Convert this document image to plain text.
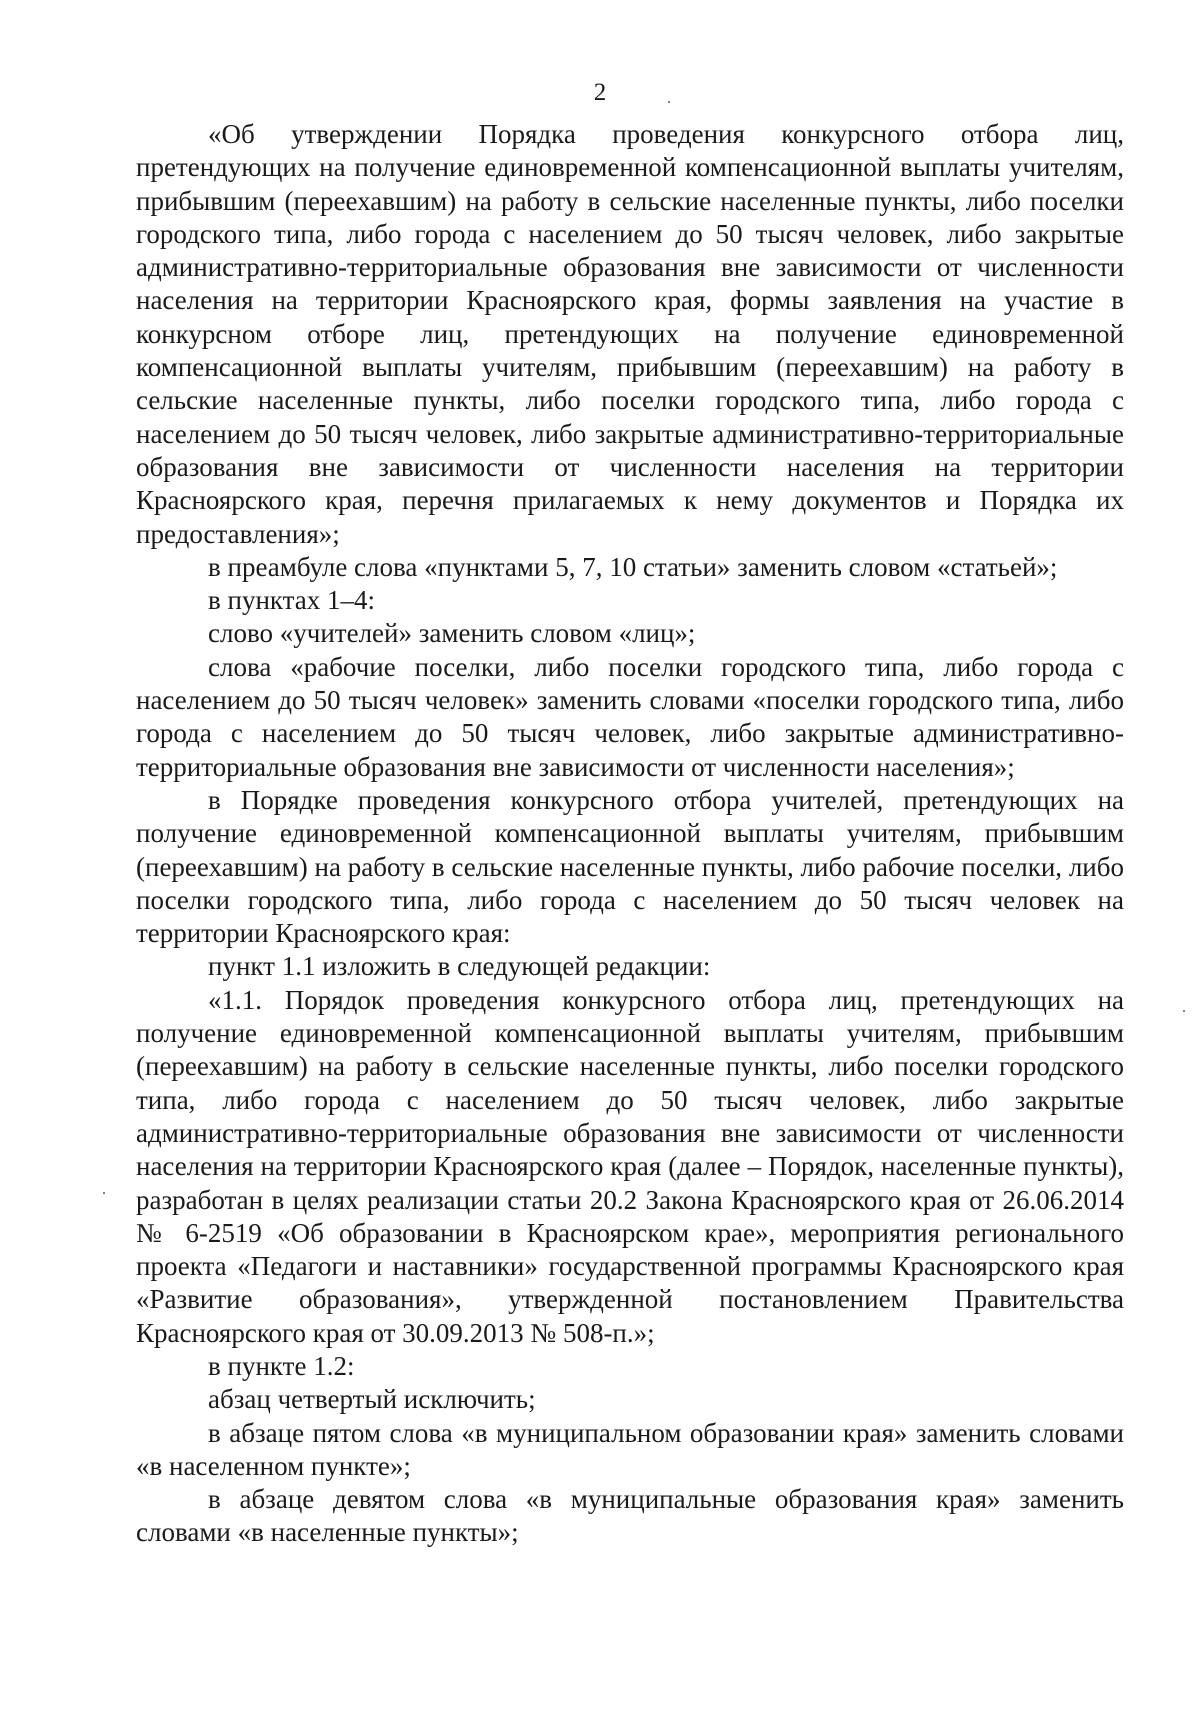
2

«Об утверждении Порядка проведения конкурсного отбора лиц, претендующих на получение единовременной компенсационной выплаты учителям, прибывшим (переехавшим) на работу в сельские населенные пункты, либо поселки городского типа, либо города с населением до 50 тысяч человек, либо закрытые административно-территориальные образования вне зависимости от численности населения на территории Красноярского края, формы заявления на участие в конкурсном отборе лиц, претендующих на получение единовременной компенсационной выплаты учителям, прибывшим (переехавшим) на работу в сельские населенные пункты, либо поселки городского типа, либо города с населением до 50 тысяч человек, либо закрытые административно-территориальные образования вне зависимости от численности населения на территории Красноярского края, перечня прилагаемых к нему документов и Порядка их предоставления»;

в преамбуле слова «пунктами 5, 7, 10 статьи» заменить словом «статьей»;

в пунктах 1–4:

слово «учителей» заменить словом «лиц»;

слова «рабочие поселки, либо поселки городского типа, либо города с населением до 50 тысяч человек» заменить словами «поселки городского типа, либо города с населением до 50 тысяч человек, либо закрытые административно-территориальные образования вне зависимости от численности населения»;

в Порядке проведения конкурсного отбора учителей, претендующих на получение единовременной компенсационной выплаты учителям, прибывшим (переехавшим) на работу в сельские населенные пункты, либо рабочие поселки, либо поселки городского типа, либо города с населением до 50 тысяч человек на территории Красноярского края:

пункт 1.1 изложить в следующей редакции:

«1.1. Порядок проведения конкурсного отбора лиц, претендующих на получение единовременной компенсационной выплаты учителям, прибывшим (переехавшим) на работу в сельские населенные пункты, либо поселки городского типа, либо города с населением до 50 тысяч человек, либо закрытые административно-территориальные образования вне зависимости от численности населения на территории Красноярского края (далее – Порядок, населенные пункты), разработан в целях реализации статьи 20.2 Закона Красноярского края от 26.06.2014 № 6-2519 «Об образовании в Красноярском крае», мероприятия регионального проекта «Педагоги и наставники» государственной программы Красноярского края «Развитие образования», утвержденной постановлением Правительства Красноярского края от 30.09.2013 № 508-п.»;

в пункте 1.2:

абзац четвертый исключить;

в абзаце пятом слова «в муниципальном образовании края» заменить словами «в населенном пункте»;

в абзаце девятом слова «в муниципальные образования края» заменить словами «в населенные пункты»;
